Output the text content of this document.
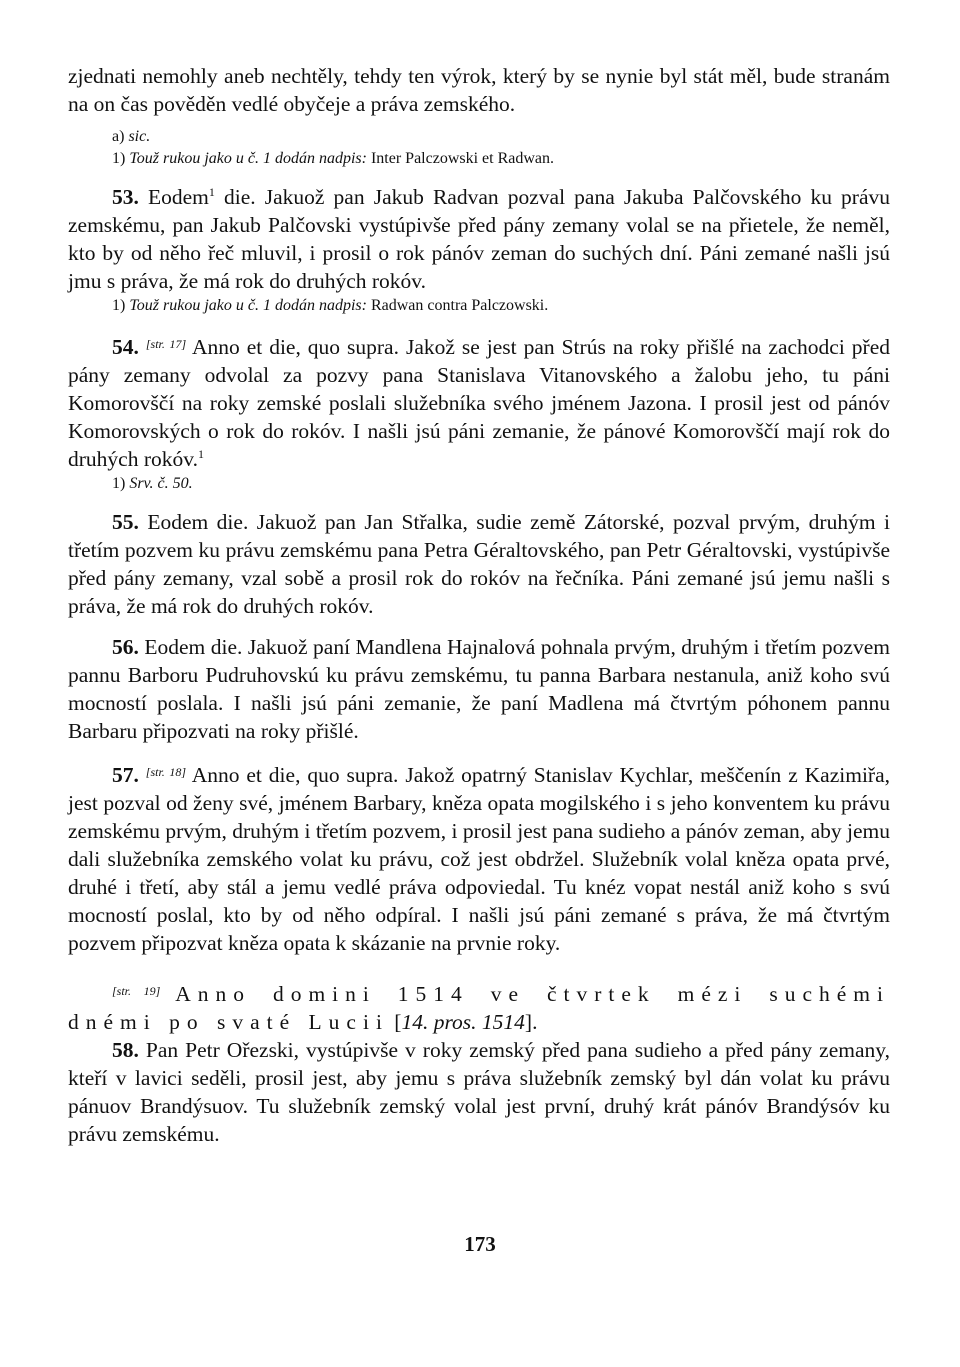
zjednati nemohly aneb nechtěly, tehdy ten výrok, který by se nynie byl stát měl, bude stranám na on čas pověděn vedlé obyčeje a práva zemského.

a) sic.

1) Touž rukou jako u č. 1 dodán nadpis: Inter Palczowski et Radwan.

53. Eodem$^1$ die. Jakuož pan Jakub Radvan pozval pana Jakuba Palčovského ku právu zemskému, pan Jakub Palčovski vystúpivše před pány zemany volal se na přietele, že neměl, kto by od něho řeč mluvil, i prosil o rok pánóv zeman do suchých dní. Páni zemané našli jsú jmu s práva, že má rok do druhých rokóv.

1) Touž rukou jako u č. 1 dodán nadpis: Radwan contra Palczowski.

54. [str. 17] Anno et die, quo supra. Jakož se jest pan Strús na roky přišlé na zachodci před pány zemany odvolal za pozvy pana Stanislava Vitanovského a žalobu jeho, tu páni Komorovščí na roky zemské poslali služebníka svého jménem Jazona. I prosil jest od pánóv Komorovských o rok do rokóv. I našli jsú páni zemanie, že pánové Komorovščí mají rok do druhých rokóv.$^1$

1) Srv. č. 50.

55. Eodem die. Jakuož pan Jan Střalka, sudie země Zátorské, pozval prvým, druhým i třetím pozvem ku právu zemskému pana Petra Géraltovského, pan Petr Géraltovski, vystúpivše před pány zemany, vzal sobě a prosil rok do rokóv na řečníka. Páni zemané jsú jemu našli s práva, že má rok do druhých rokóv.

56. Eodem die. Jakuož paní Mandlena Hajnalová pohnala prvým, druhým i třetím pozvem pannu Barboru Pudruhovskú ku právu zemskému, tu panna Barbara nestanula, aniž koho svú mocností poslala. I našli jsú páni zemanie, že paní Madlena má čtvrtým póhonem pannu Barbaru připozvati na roky přišlé.

57. [str. 18] Anno et die, quo supra. Jakož opatrný Stanislav Kychlar, meščenín z Kazimiřa, jest pozval od ženy své, jménem Barbary, kněza opata mogilského i s jeho konventem ku právu zemskému prvým, druhým i třetím pozvem, i prosil jest pana sudieho a pánóv zeman, aby jemu dali služebníka zemského volat ku právu, což jest obdržel. Služebník volal kněza opata prvé, druhé i třetí, aby stál a jemu vedlé práva odpoviedal. Tu knéz vopat nestál aniž koho s svú mocností poslal, kto by od něho odpíral. I našli jsú páni zemané s práva, že má čtvrtým pozvem připozvat kněza opata k skázanie na prvnie roky.

[str. 19] Anno domini 1514 ve čtvrtek mézi suchémi dnémi po svaté Lucii [14. pros. 1514].

58. Pan Petr Ořezski, vystúpivše v roky zemský před pana sudieho a před pány zemany, kteří v lavici seděli, prosil jest, aby jemu s práva služebník zemský byl dán volat ku právu pánuov Brandýsuov. Tu služebník zemský volal jest první, druhý krát pánóv Brandýsóv ku právu zemskému.

173
